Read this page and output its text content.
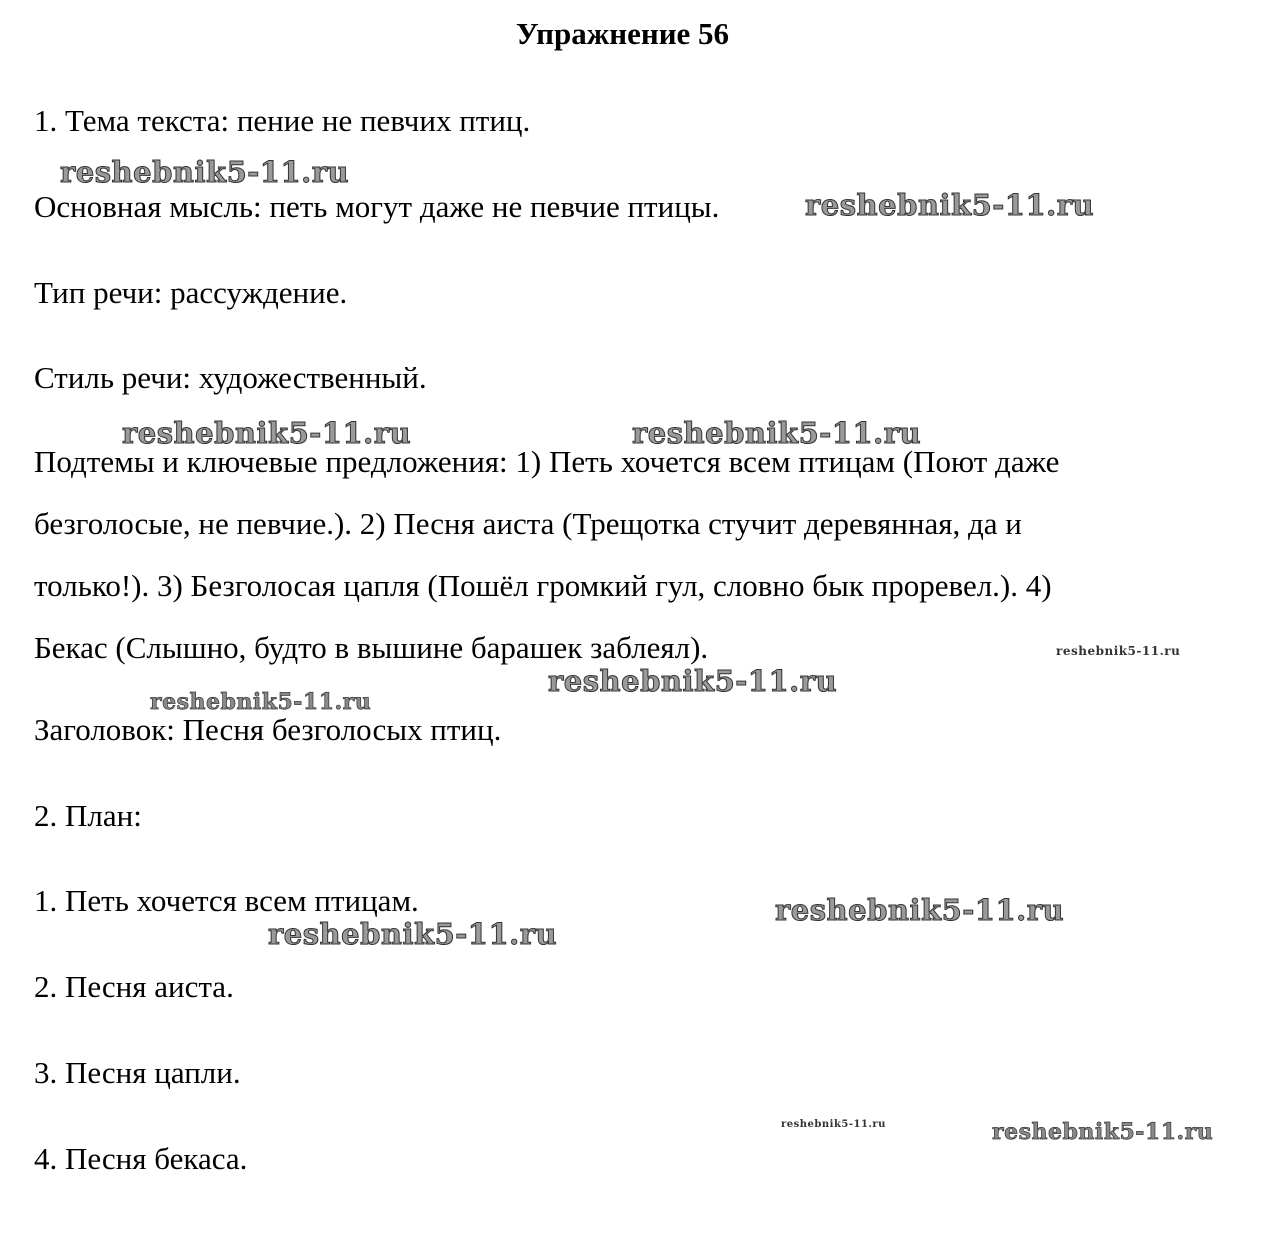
Упражнение 56

1. Тема текста: пение не певчих птиц.

Основная мысль: петь могут даже не певчие птицы.

Тип речи: рассуждение.

Стиль речи: художественный.

Подтемы и ключевые предложения: 1) Петь хочется всем птицам (Поют даже

безголосые, не певчие.). 2) Песня аиста (Трещотка стучит деревянная, да и

только!). 3) Безголосая цапля (Пошёл громкий гул, словно бык проревел.). 4)

Бекас (Слышно, будто в вышине барашек заблеял).

Заголовок: Песня безголосых птиц.

2. План:

1. Петь хочется всем птицам.

2. Песня аиста.

3. Песня цапли.

4. Песня бекаса.

reshebnik5-11.ru
reshebnik5-11.ru
reshebnik5-11.ru	reshebnik5-11.ru
reshebnik5-11.ru
reshebnik5-11.ru
reshebnik5-11.ru
reshebnik5-11.ru
reshebnik5-11.ru
reshebnik5-11.ru	reshebnik5-11.ru
